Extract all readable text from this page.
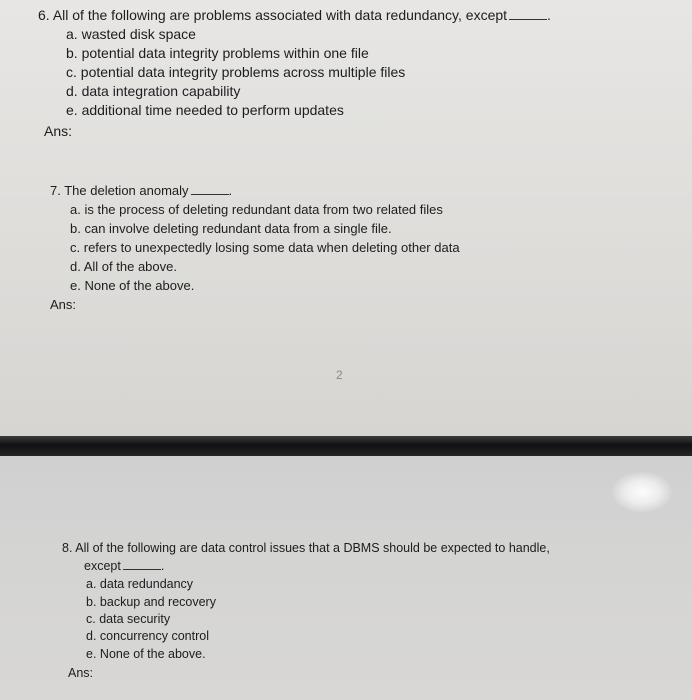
6. All of the following are problems associated with data redundancy, except	.
a. wasted disk space
b. potential data integrity problems within one file
c. potential data integrity problems across multiple files
d. data integration capability
e. additional time needed to perform updates
Ans:
7. The deletion anomaly	.
a. is the process of deleting redundant data from two related files
b. can involve deleting redundant data from a single file.
c. refers to unexpectedly losing some data when deleting other data
d. All of the above.
e. None of the above.
Ans:
2
8. All of the following are data control issues that a DBMS should be expected to handle,
except	.
a. data redundancy
b. backup and recovery
c. data security
d. concurrency control
e. None of the above.
Ans:
